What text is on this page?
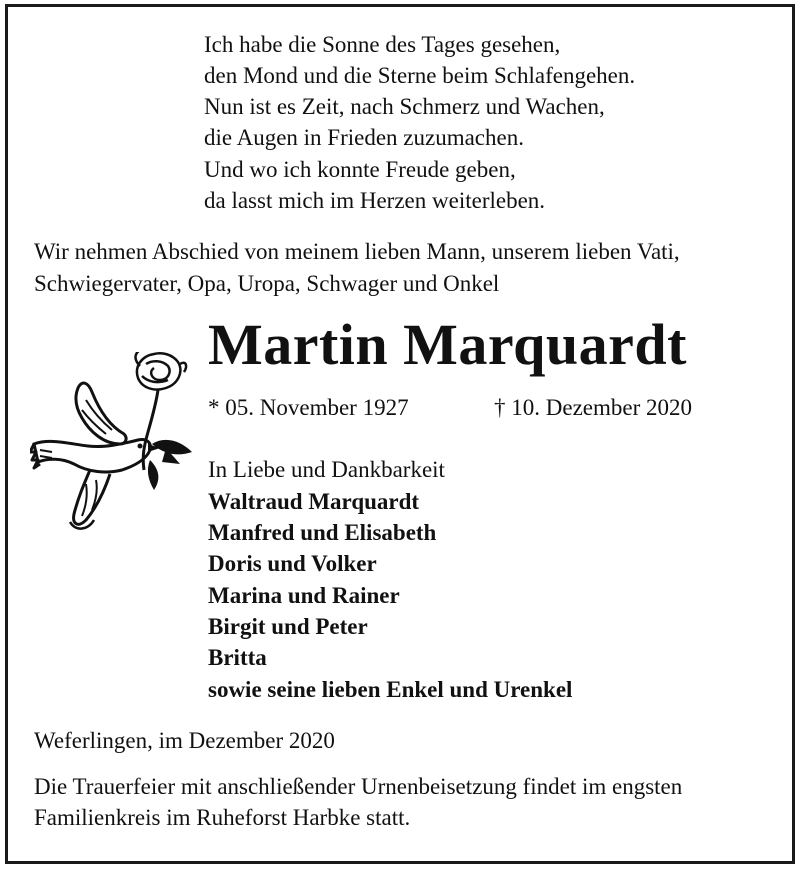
Ich habe die Sonne des Tages gesehen,
den Mond und die Sterne beim Schlafengehen.
Nun ist es Zeit, nach Schmerz und Wachen,
die Augen in Frieden zuzumachen.
Und wo ich konnte Freude geben,
da lasst mich im Herzen weiterleben.
Wir nehmen Abschied von meinem lieben Mann, unserem lieben Vati,
Schwiegervater, Opa, Uropa, Schwager und Onkel
Martin Marquardt
* 05. November 1927	† 10. Dezember 2020
In Liebe und Dankbarkeit
Waltraud Marquardt
Manfred und Elisabeth
Doris und Volker
Marina und Rainer
Birgit und Peter
Britta
sowie seine lieben Enkel und Urenkel
Weferlingen, im Dezember 2020
Die Trauerfeier mit anschließender Urnenbeisetzung findet im engsten
Familienkreis im Ruheforst Harbke statt.
